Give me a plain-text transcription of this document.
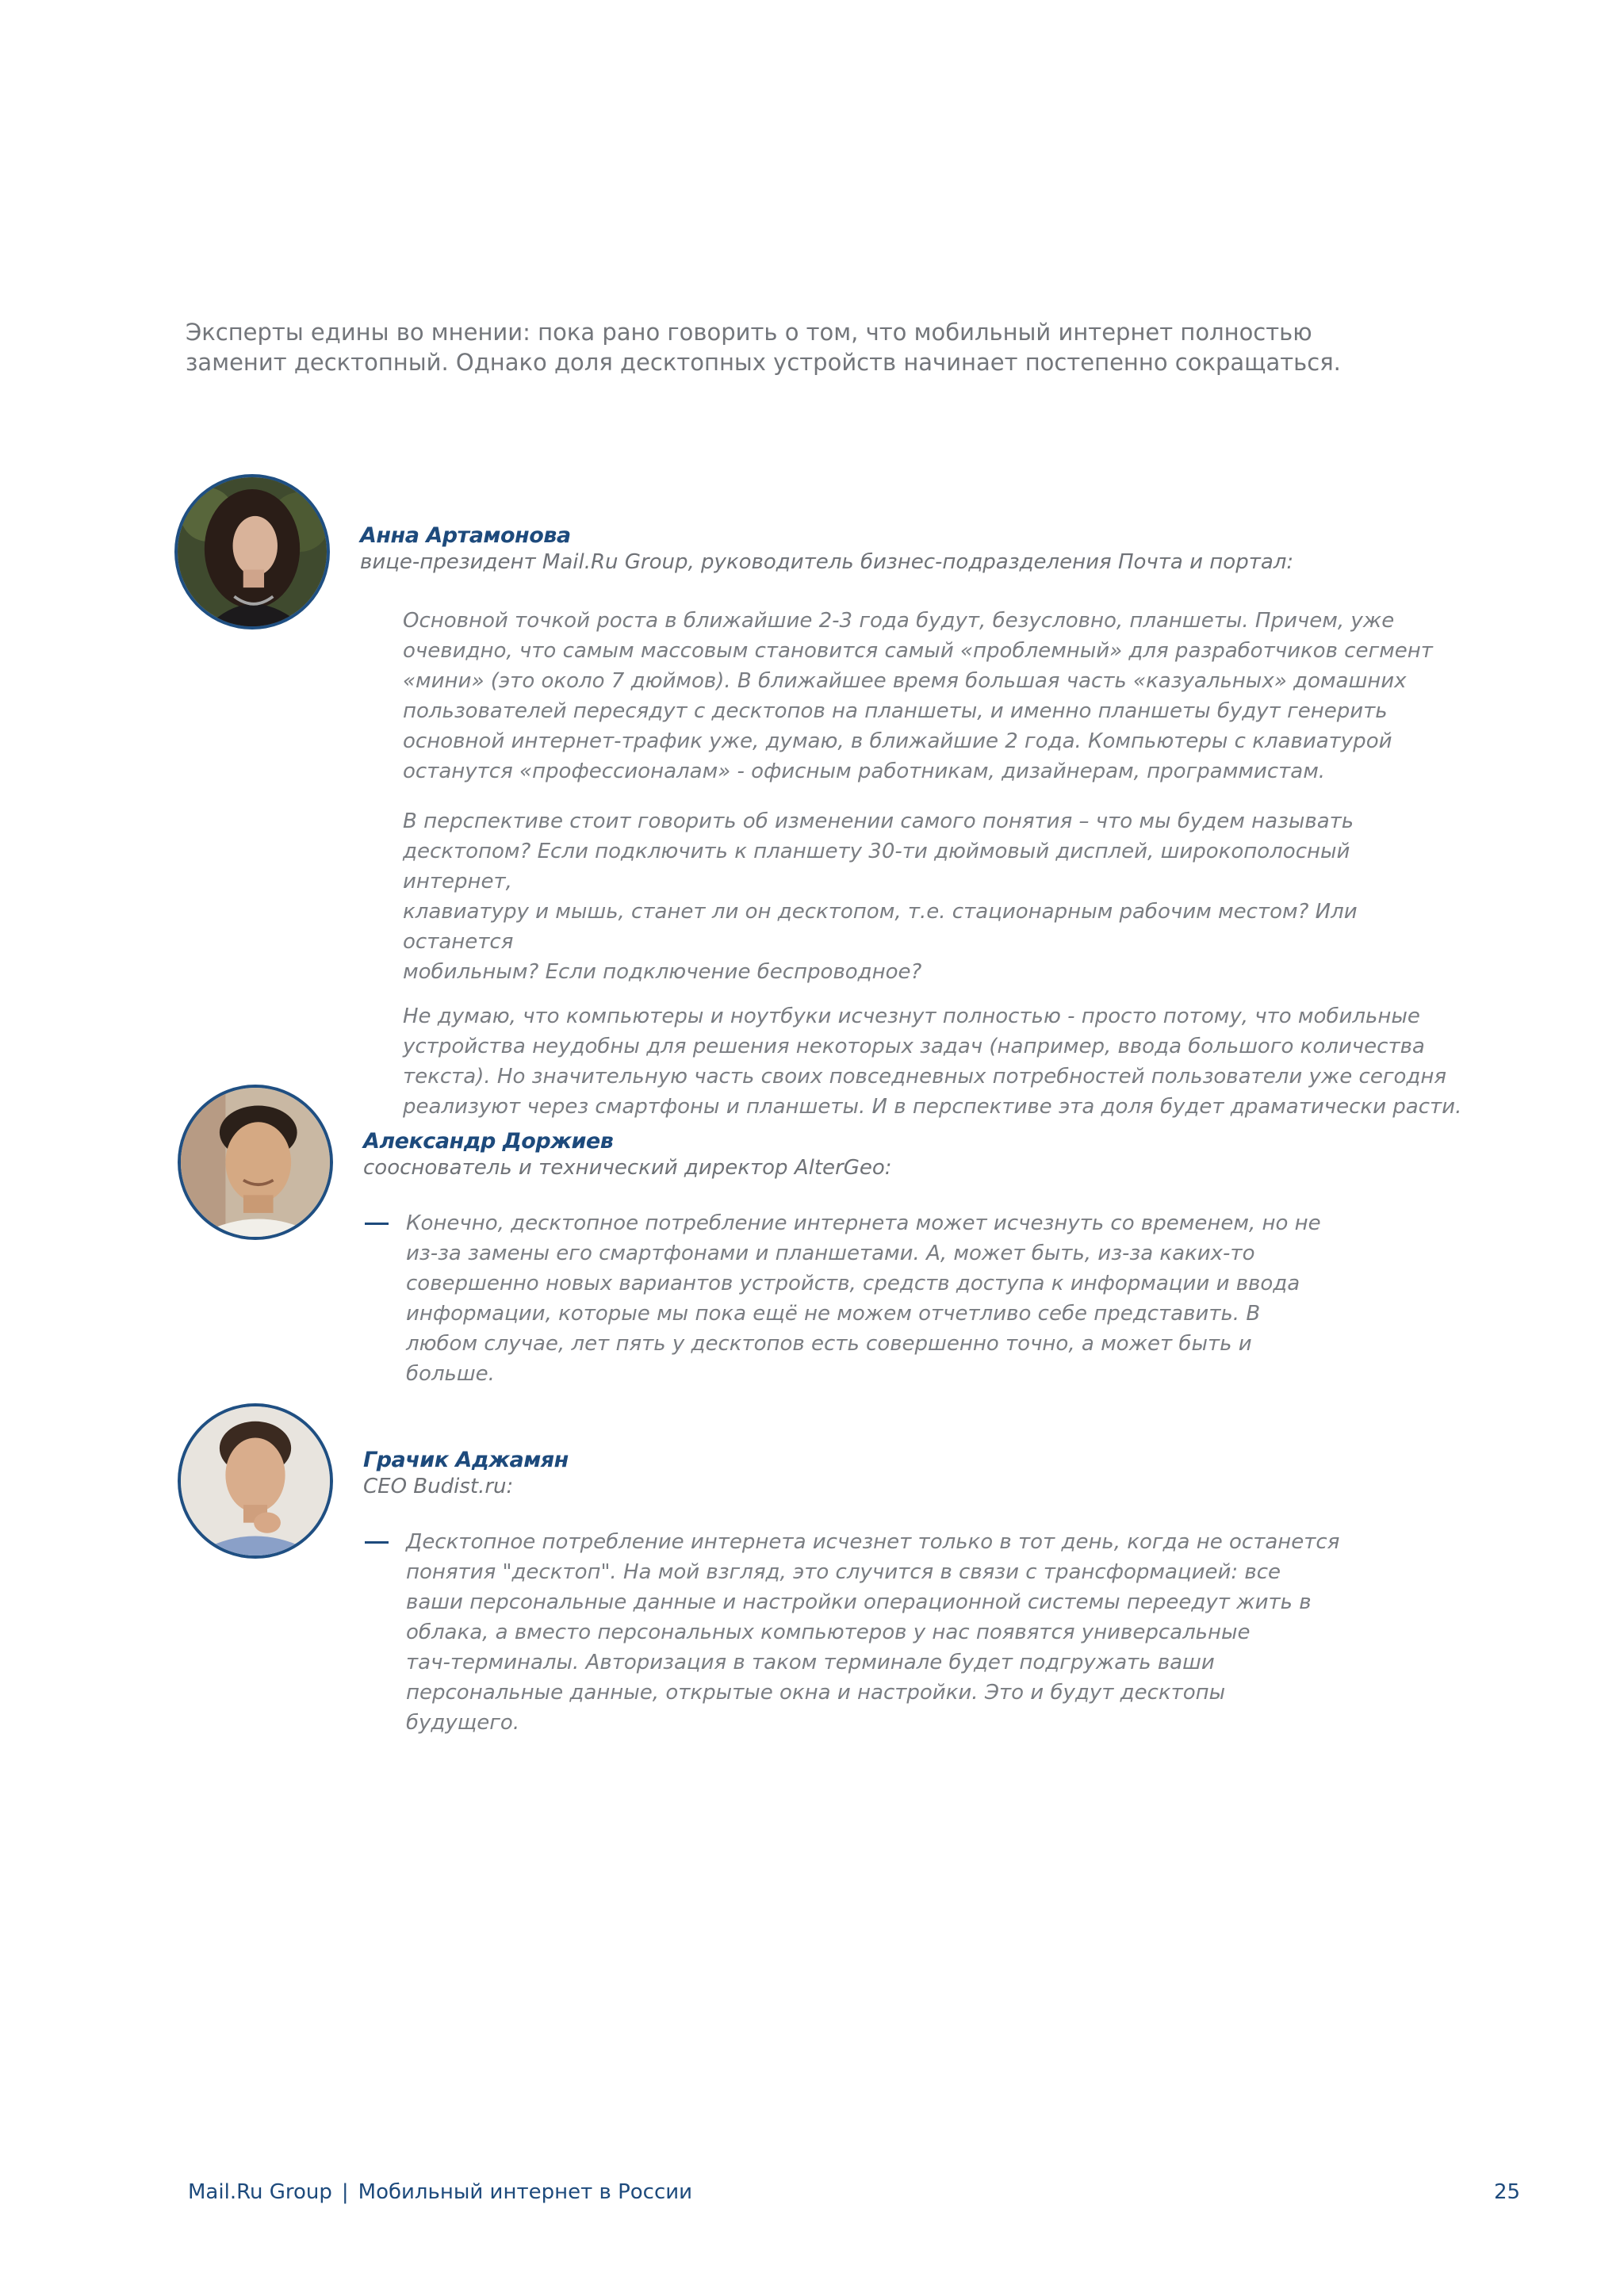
Эксперты едины во мнении: пока рано говорить о том, что мобильный интернет полностью

заменит десктопный. Однако доля десктопных устройств начинает постепенно сокращаться.

Анна Артамонова
вице-президент Mail.Ru Group, руководитель бизнес-подразделения Почта и портал:

Основной точкой роста в ближайшие 2-3 года будут, безусловно, планшеты. Причем, уже

очевидно, что самым массовым становится самый «проблемный» для разработчиков сегмент

«мини» (это около 7 дюймов). В ближайшее время большая часть «казуальных» домашних

пользователей пересядут с десктопов на планшеты, и именно планшеты будут генерить

основной интернет-трафик уже, думаю, в ближайшие 2 года. Компьютеры с клавиатурой

останутся «профессионалам» - офисным работникам, дизайнерам, программистам.

В перспективе стоит говорить об изменении самого понятия – что мы будем называть

десктопом? Если подключить к планшету 30-ти дюймовый дисплей, широкополосный интернет,

клавиатуру и мышь, станет ли он десктопом, т.е. стационарным рабочим местом? Или останется

мобильным? Если подключение беспроводное?

Не думаю, что компьютеры и ноутбуки исчезнут полностью - просто потому, что мобильные

устройства неудобны для решения некоторых задач (например, ввода большого количества

текста). Но значительную часть своих повседневных потребностей пользователи уже сегодня

реализуют через смартфоны и планшеты. И в перспективе эта доля будет драматически расти.

Александр Доржиев
сооснователь и технический директор AlterGeo:

Конечно, десктопное потребление интернета может исчезнуть со временем, но не

из-за замены его смартфонами и планшетами. А, может быть, из-за каких-то

совершенно новых вариантов устройств, средств доступа к информации и ввода

информации, которые мы пока ещё не можем отчетливо себе представить. В

любом случае, лет пять у десктопов есть совершенно точно, а может быть и

больше.

Грачик Аджамян
CEO Budist.ru:

Десктопное потребление интернета исчезнет только в тот день, когда не останется

понятия "десктоп". На мой взгляд, это случится в связи с трансформацией: все

ваши персональные данные и настройки операционной системы переедут жить в

облака, а вместо персональных компьютеров у нас появятся универсальные

тач-терминалы. Авторизация в таком терминале будет подгружать ваши

персональные данные, открытые окна и настройки. Это и будут десктопы

будущего.

Mail.Ru Group | Мобильный интернет в России	25
